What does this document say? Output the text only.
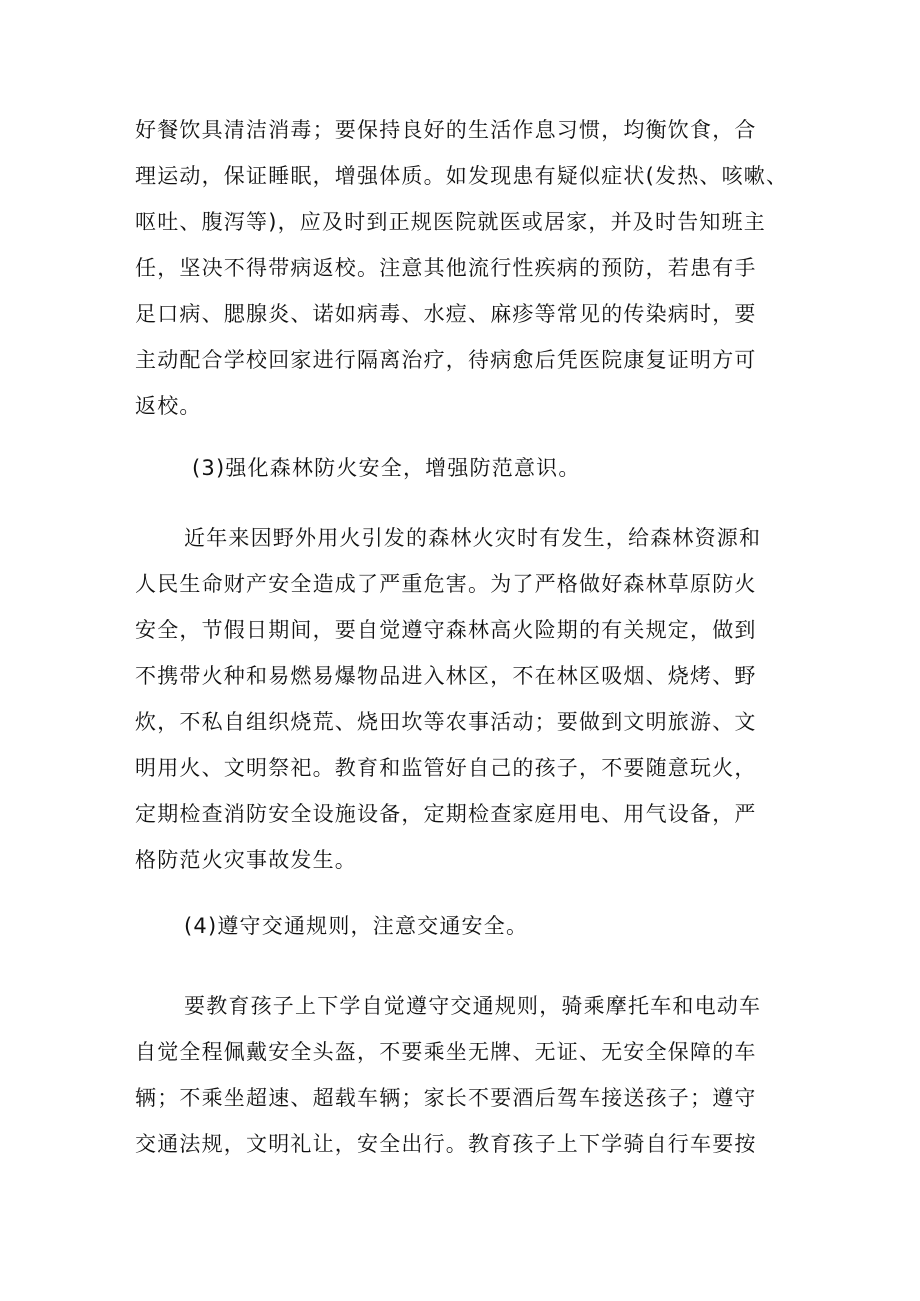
好餐饮具清洁消毒；要保持良好的生活作息习惯，均衡饮食，合
理运动，保证睡眠，增强体质。如发现患有疑似症状(发热、咳嗽、
呕吐、腹泻等)，应及时到正规医院就医或居家，并及时告知班主
任，坚决不得带病返校。注意其他流行性疾病的预防，若患有手
足口病、腮腺炎、诺如病毒、水痘、麻疹等常见的传染病时，要
主动配合学校回家进行隔离治疗，待病愈后凭医院康复证明方可
返校。
(3)强化森林防火安全，增强防范意识。
近年来因野外用火引发的森林火灾时有发生，给森林资源和
人民生命财产安全造成了严重危害。为了严格做好森林草原防火
安全，节假日期间，要自觉遵守森林高火险期的有关规定，做到
不携带火种和易燃易爆物品进入林区，不在林区吸烟、烧烤、野
炊，不私自组织烧荒、烧田坎等农事活动；要做到文明旅游、文
明用火、文明祭祀。教育和监管好自己的孩子，不要随意玩火，
定期检查消防安全设施设备，定期检查家庭用电、用气设备，严
格防范火灾事故发生。
(4)遵守交通规则，注意交通安全。
要教育孩子上下学自觉遵守交通规则，骑乘摩托车和电动车
自觉全程佩戴安全头盔，不要乘坐无牌、无证、无安全保障的车
辆；不乘坐超速、超载车辆；家长不要酒后驾车接送孩子；遵守
交通法规，文明礼让，安全出行。教育孩子上下学骑自行车要按
